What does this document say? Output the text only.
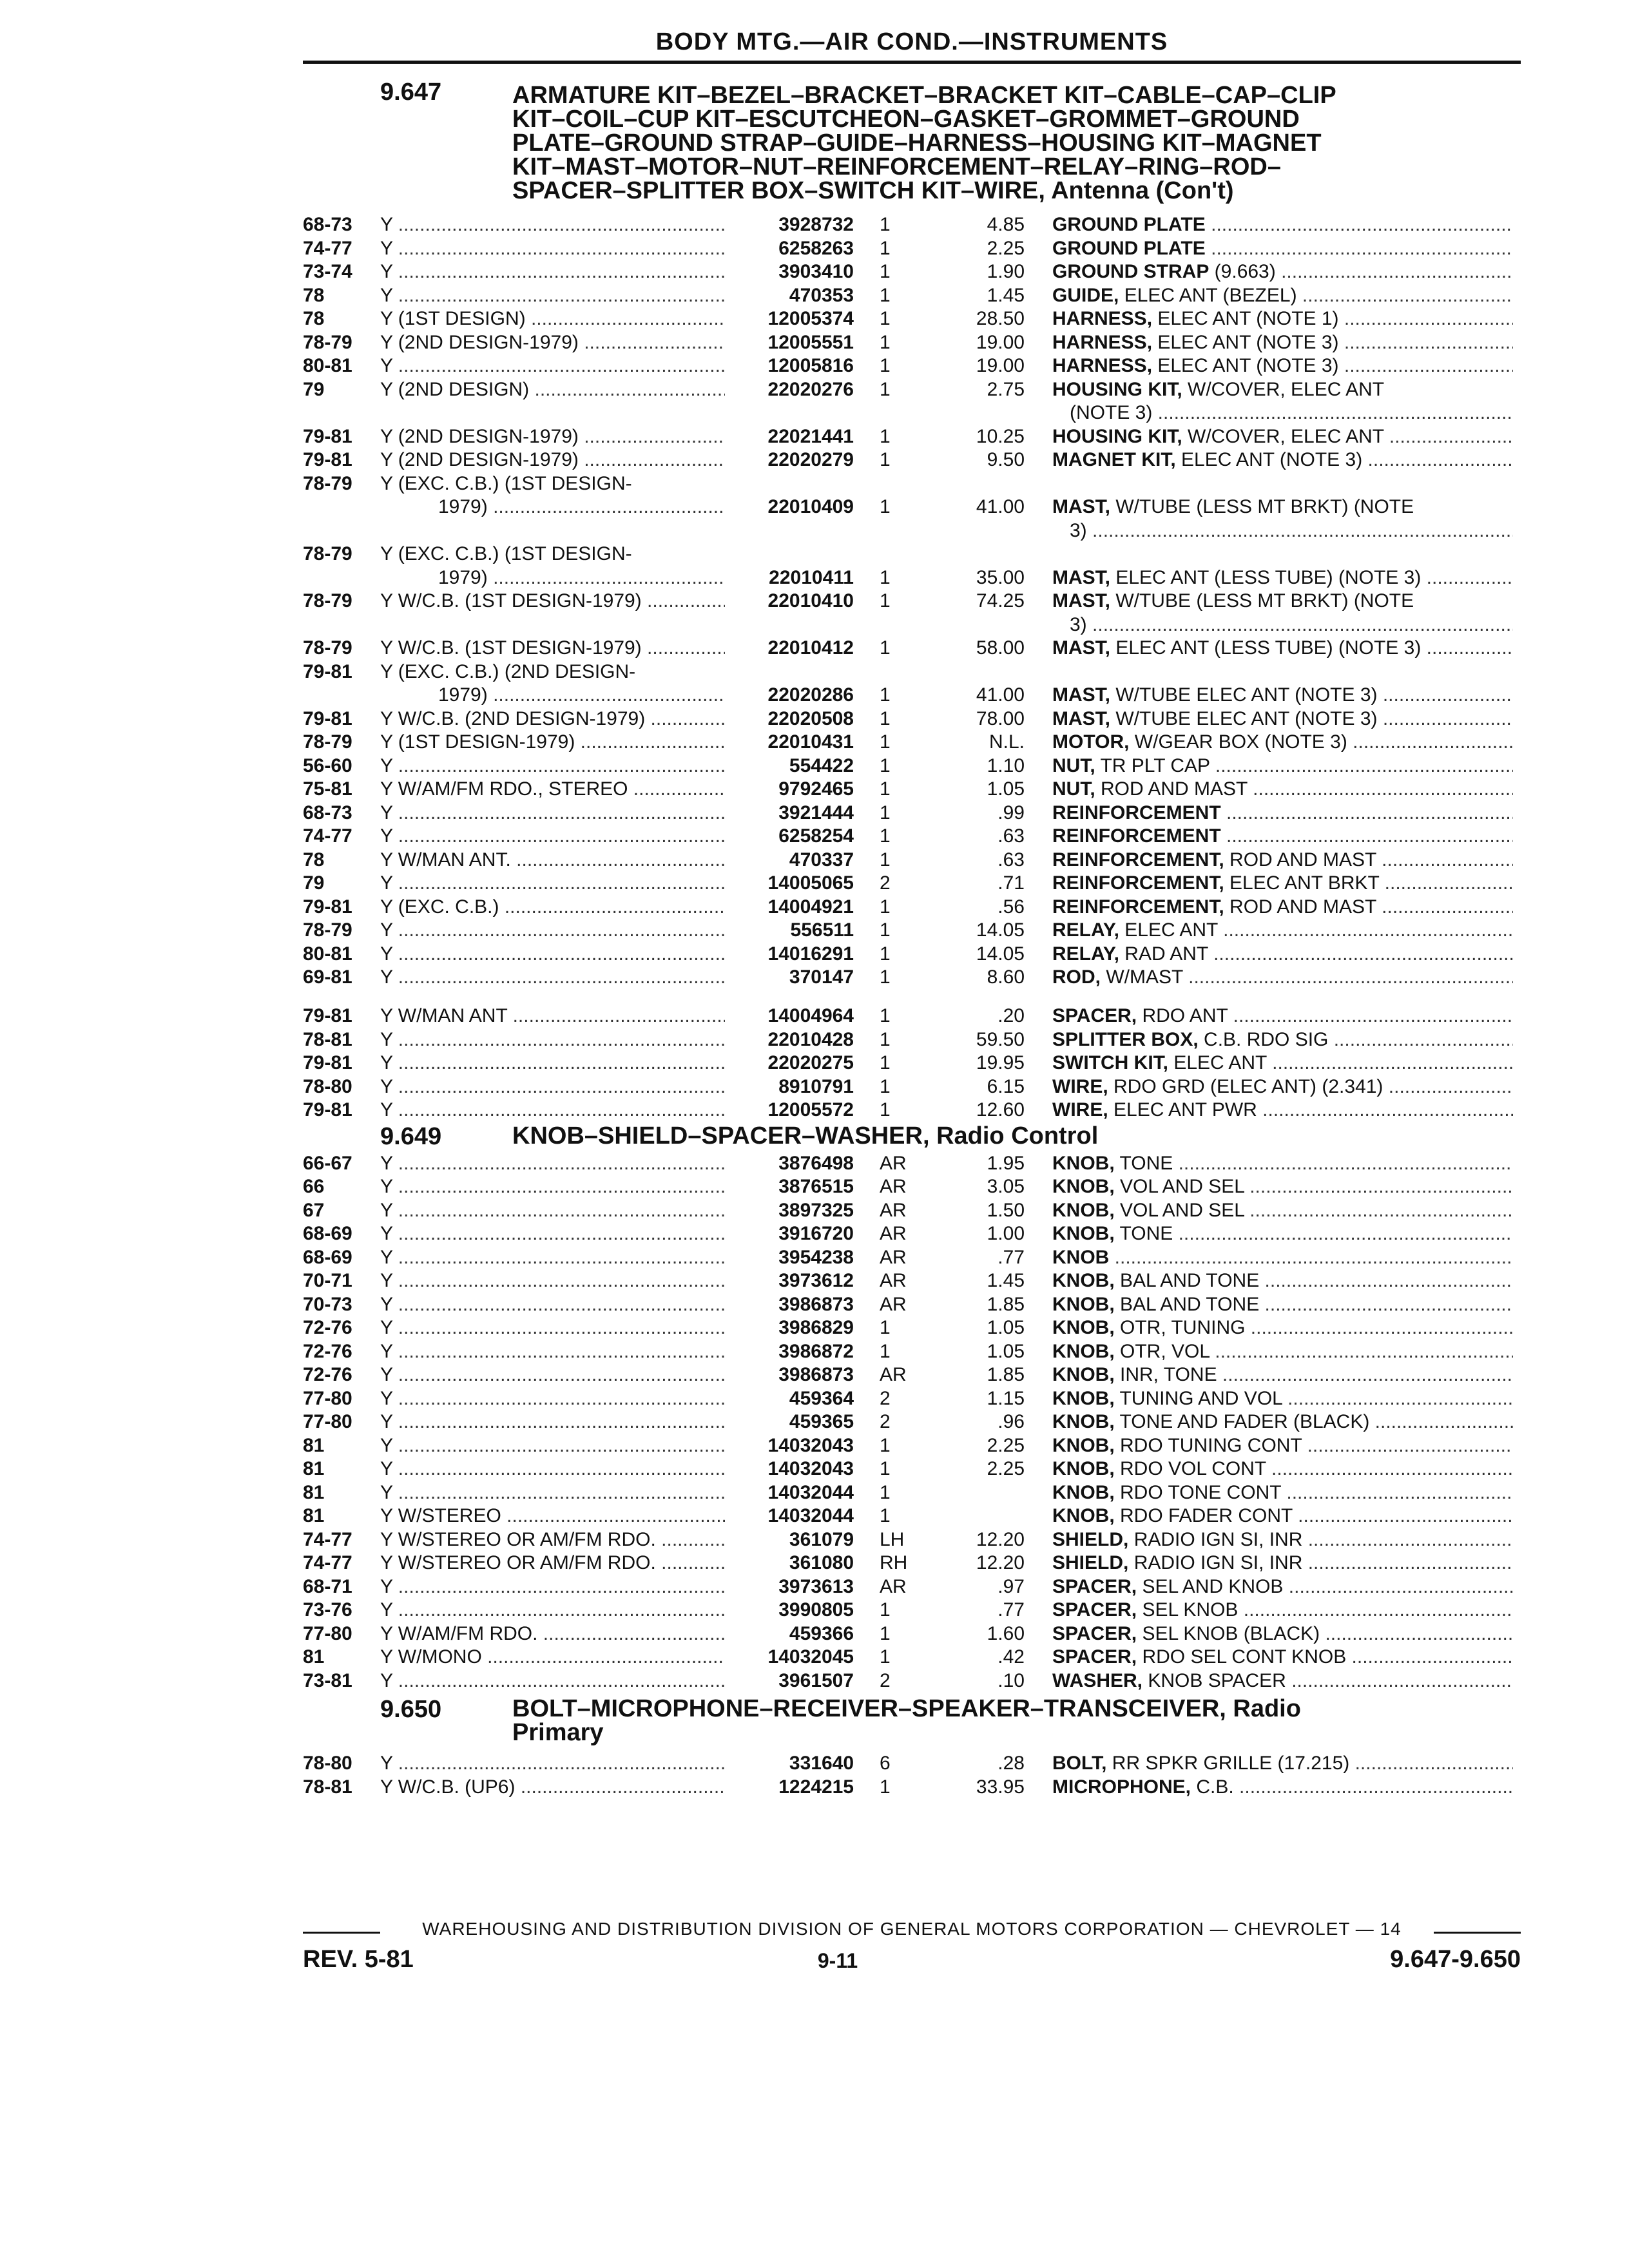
BODY MTG.—AIR COND.—INSTRUMENTS
9.647	ARMATURE KIT–BEZEL–BRACKET–BRACKET KIT–CABLE–CAP–CLIP
KIT–COIL–CUP KIT–ESCUTCHEON–GASKET–GROMMET–GROUND
PLATE–GROUND STRAP–GUIDE–HARNESS–HOUSING KIT–MAGNET
KIT–MAST–MOTOR–NUT–REINFORCEMENT–RELAY–RING–ROD–
SPACER–SPLITTER BOX–SWITCH KIT–WIRE, Antenna (Con't)
68-73	Y .....	3928732 1	4.85 GROUND PLATE .....
74-77	Y .....	6258263 1	2.25 GROUND PLATE .....
73-74	Y .....	3903410 1	1.90 GROUND STRAP (9.663) .....
78	Y .....	470353 1	1.45 GUIDE, ELEC ANT (BEZEL) .....
78	Y (1ST DESIGN) .....	12005374 1	28.50 HARNESS, ELEC ANT (NOTE 1) .....
78-79	Y (2ND DESIGN-1979) .....	12005551 1	19.00 HARNESS, ELEC ANT (NOTE 3) .....
80-81	Y .....	12005816 1	19.00 HARNESS, ELEC ANT (NOTE 3) .....
79	Y (2ND DESIGN) .....	22020276 1	2.75 HOUSING KIT, W/COVER, ELEC ANT
(NOTE 3) .....
79-81	Y (2ND DESIGN-1979) .....	22021441 1	10.25 HOUSING KIT, W/COVER, ELEC ANT .....
79-81	Y (2ND DESIGN-1979) .....	22020279 1	9.50 MAGNET KIT, ELEC ANT (NOTE 3) .....
78-79	Y (EXC. C.B.) (1ST DESIGN-
1979) .....	22010409 1	41.00 MAST, W/TUBE (LESS MT BRKT) (NOTE
3) .....
78-79	Y (EXC. C.B.) (1ST DESIGN-
1979) .....	22010411 1	35.00 MAST, ELEC ANT (LESS TUBE) (NOTE 3) .....
78-79	Y W/C.B. (1ST DESIGN-1979) .....	22010410 1	74.25 MAST, W/TUBE (LESS MT BRKT) (NOTE
3) .....
78-79	Y W/C.B. (1ST DESIGN-1979) .....	22010412 1	58.00 MAST, ELEC ANT (LESS TUBE) (NOTE 3) .....
79-81	Y (EXC. C.B.) (2ND DESIGN-
1979) .....	22020286 1	41.00 MAST, W/TUBE ELEC ANT (NOTE 3) .....
79-81	Y W/C.B. (2ND DESIGN-1979) .....	22020508 1	78.00 MAST, W/TUBE ELEC ANT (NOTE 3) .....
78-79	Y (1ST DESIGN-1979) .....	22010431 1	N.L. MOTOR, W/GEAR BOX (NOTE 3) .....
56-60	Y .....	554422 1	1.10 NUT, TR PLT CAP .....
75-81	Y W/AM/FM RDO., STEREO .....	9792465 1	1.05 NUT, ROD AND MAST .....
68-73	Y .....	3921444 1	.99 REINFORCEMENT .....
74-77	Y .....	6258254 1	.63 REINFORCEMENT .....
78	Y W/MAN ANT. .....	470337 1	.63 REINFORCEMENT, ROD AND MAST .....
79	Y .....	14005065 2	.71 REINFORCEMENT, ELEC ANT BRKT .....
79-81	Y (EXC. C.B.) .....	14004921 1	.56 REINFORCEMENT, ROD AND MAST .....
78-79	Y .....	556511 1	14.05 RELAY, ELEC ANT .....
80-81	Y .....	14016291 1	14.05 RELAY, RAD ANT .....
69-81	Y .....	370147 1	8.60 ROD, W/MAST .....
79-81	Y W/MAN ANT .....	14004964 1	.20 SPACER, RDO ANT .....
78-81	Y .....	22010428 1	59.50 SPLITTER BOX, C.B. RDO SIG .....
79-81	Y .....	22020275 1	19.95 SWITCH KIT, ELEC ANT .....
78-80	Y .....	8910791 1	6.15 WIRE, RDO GRD (ELEC ANT) (2.341) .....
79-81	Y .....	12005572 1	12.60 WIRE, ELEC ANT PWR .....
9.649	KNOB–SHIELD–SPACER–WASHER, Radio Control
66-67	Y .....	3876498 AR	1.95 KNOB, TONE .....
66	Y .....	3876515 AR	3.05 KNOB, VOL AND SEL .....
67	Y .....	3897325 AR	1.50 KNOB, VOL AND SEL .....
68-69	Y .....	3916720 AR	1.00 KNOB, TONE .....
68-69	Y .....	3954238 AR	.77 KNOB .....
70-71	Y .....	3973612 AR	1.45 KNOB, BAL AND TONE .....
70-73	Y .....	3986873 AR	1.85 KNOB, BAL AND TONE .....
72-76	Y .....	3986829 1	1.05 KNOB, OTR, TUNING .....
72-76	Y .....	3986872 1	1.05 KNOB, OTR, VOL .....
72-76	Y .....	3986873 AR	1.85 KNOB, INR, TONE .....
77-80	Y .....	459364 2	1.15 KNOB, TUNING AND VOL .....
77-80	Y .....	459365 2	.96 KNOB, TONE AND FADER (BLACK) .....
81	Y .....	14032043 1	2.25 KNOB, RDO TUNING CONT .....
81	Y .....	14032043 1	2.25 KNOB, RDO VOL CONT .....
81	Y .....	14032044 1	KNOB, RDO TONE CONT .....
81	Y W/STEREO .....	14032044 1	KNOB, RDO FADER CONT .....
74-77	Y W/STEREO OR AM/FM RDO. .....	361079 LH	12.20 SHIELD, RADIO IGN SI, INR .....
74-77	Y W/STEREO OR AM/FM RDO. .....	361080 RH	12.20 SHIELD, RADIO IGN SI, INR .....
68-71	Y .....	3973613 AR	.97 SPACER, SEL AND KNOB .....
73-76	Y .....	3990805 1	.77 SPACER, SEL KNOB .....
77-80	Y W/AM/FM RDO. .....	459366 1	1.60 SPACER, SEL KNOB (BLACK) .....
81	Y W/MONO .....	14032045 1	.42 SPACER, RDO SEL CONT KNOB .....
73-81	Y .....	3961507 2	.10 WASHER, KNOB SPACER .....
9.650	BOLT–MICROPHONE–RECEIVER–SPEAKER–TRANSCEIVER, Radio
Primary
78-80	Y .....	331640 6	.28 BOLT, RR SPKR GRILLE (17.215) .....
78-81	Y W/C.B. (UP6) .....	1224215 1	33.95 MICROPHONE, C.B. .....
WAREHOUSING AND DISTRIBUTION DIVISION OF GENERAL MOTORS CORPORATION — CHEVROLET — 14
REV. 5-81	9-11	9.647-9.650
